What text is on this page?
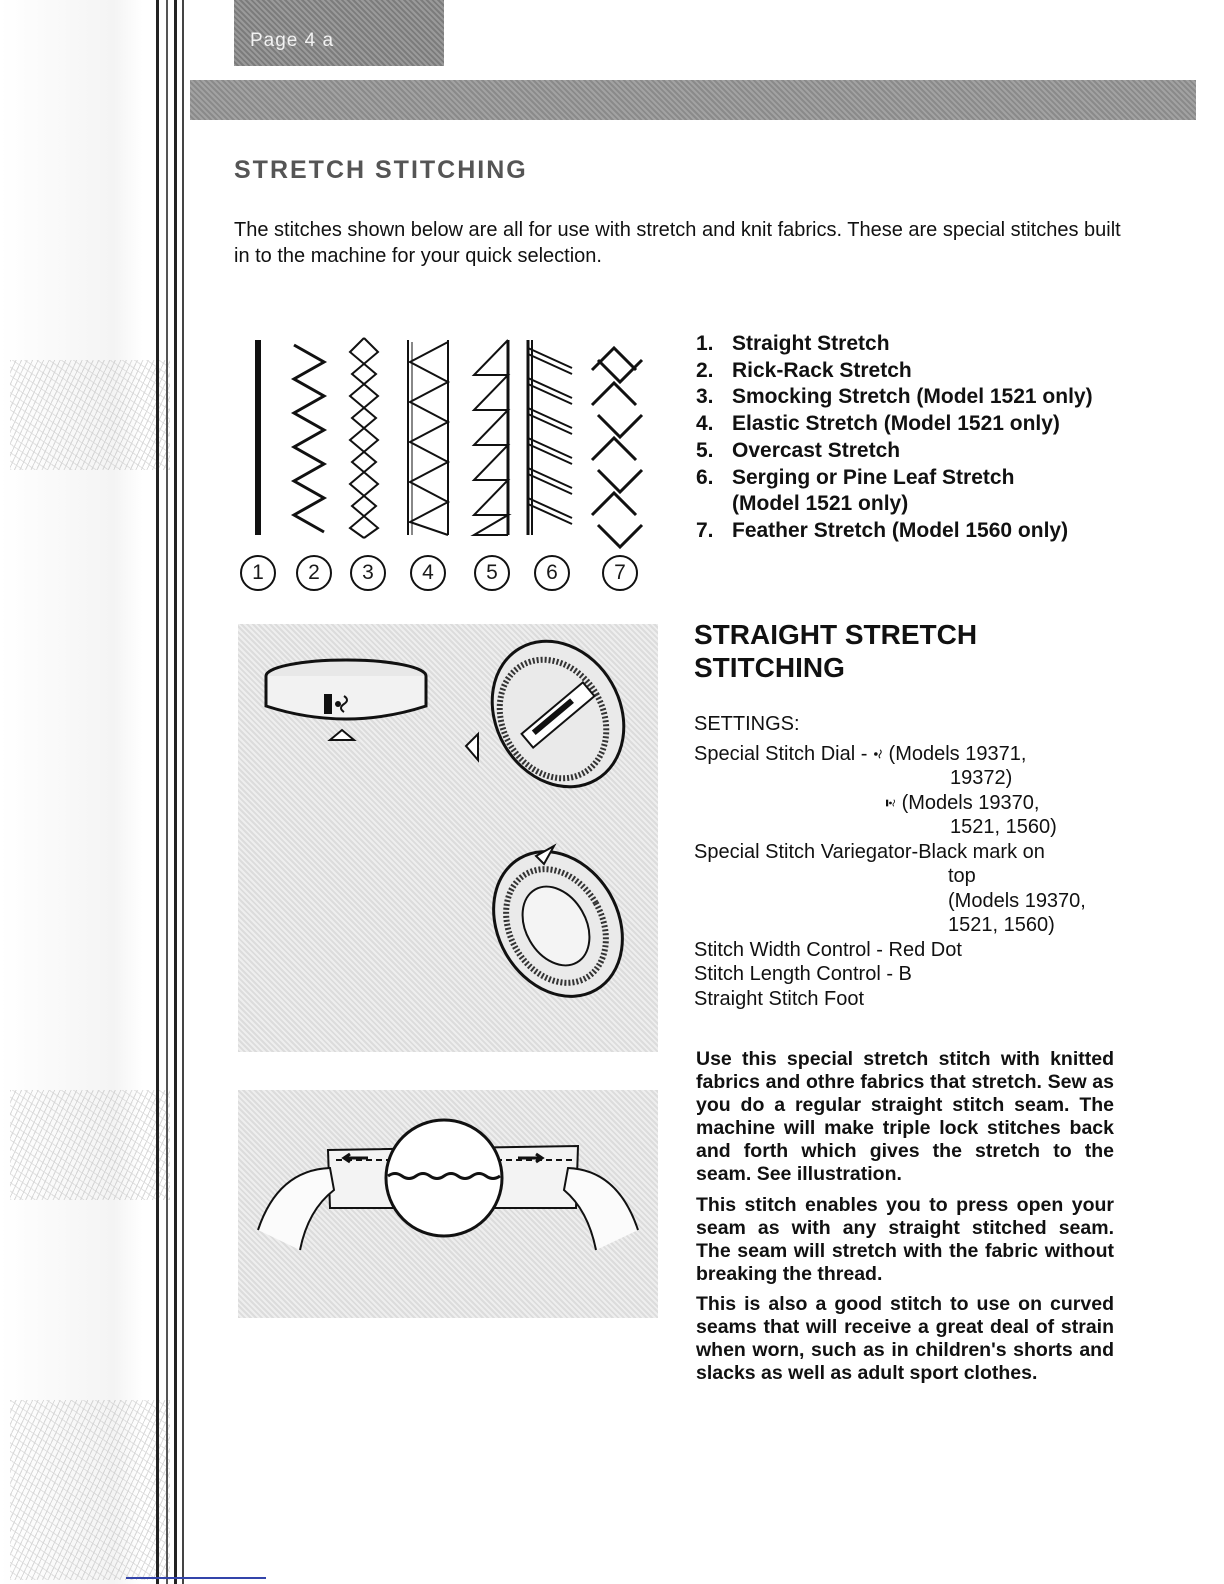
Page 4 a
STRETCH STITCHING
The stitches shown below are all for use with stretch and knit fabrics. These are special stitches built in to the machine for your quick selection.
1	2	3	4	5	6	7
1. Straight Stretch
2. Rick-Rack Stretch
3. Smocking Stretch (Model 1521 only)
4. Elastic Stretch (Model 1521 only)
5. Overcast Stretch
6. Serging or Pine Leaf Stretch
(Model 1521 only)
7. Feather Stretch (Model 1560 only)
STRAIGHT STRETCH STITCHING
SETTINGS:
Special Stitch Dial - (Models 19371,
19372)
(Models 19370,
1521, 1560)
Special Stitch Variegator-Black mark on
top
(Models 19370,
1521, 1560)
Stitch Width Control - Red Dot
Stitch Length Control - B
Straight Stitch Foot

Use this special stretch stitch with knitted fabrics and othre fabrics that stretch. Sew as you do a regular straight stitch seam. The machine will make triple lock stitches back and forth which gives the stretch to the seam. See illustration.

This stitch enables you to press open your seam as with any straight stitched seam. The seam will stretch with the fabric without breaking the thread.

This is also a good stitch to use on curved seams that will receive a great deal of strain when worn, such as in children's shorts and slacks as well as adult sport clothes.
